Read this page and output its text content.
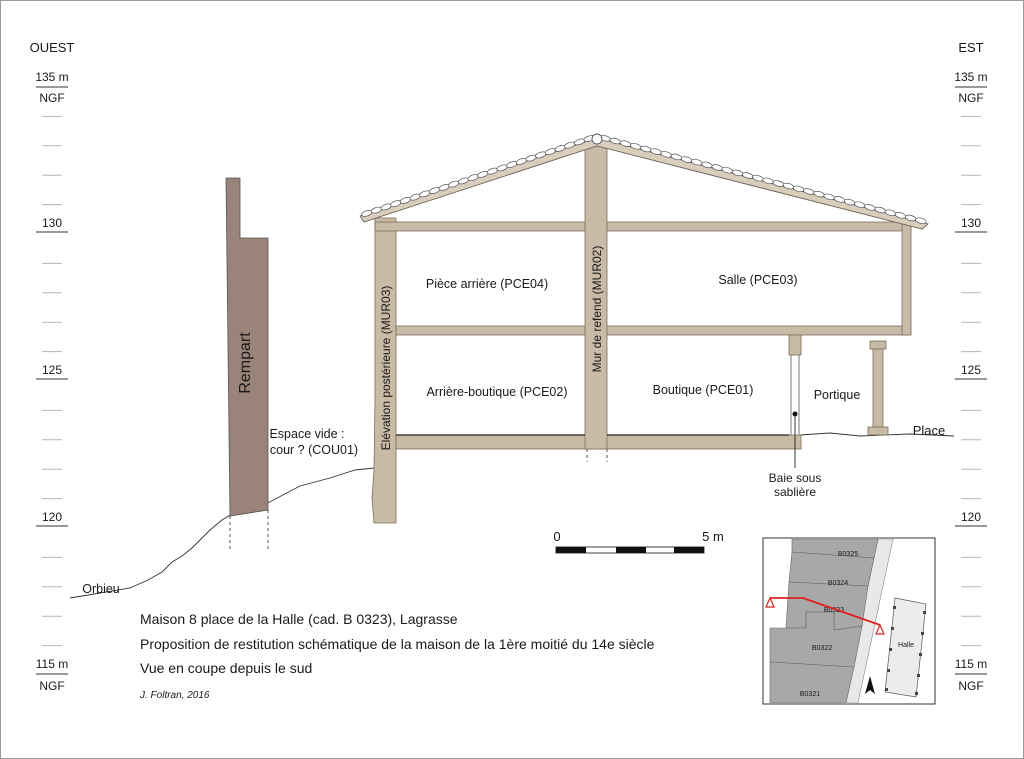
OUEST
135 m
NGF
130
125
120
115 m
NGF
EST
135 m
NGF
130
125
120
115 m
NGF
Rempart	Elévation postérieure (MUR03)	Mur de refend (MUR02)
Pièce arrière (PCE04)	Salle (PCE03)
Arrière-boutique (PCE02)	Boutique (PCE01)	Portique
Place
Espace vide :
cour ? (COU01)
Orbieu
Baie sous
sablière
0	5 m
Maison 8 place de la Halle (cad. B 0323), Lagrasse
Proposition de restitution schématique de la maison de la 1ère moitié du 14e siècle
Vue en coupe depuis le sud
J. Foltran, 2016
B0325
B0324
B0323
B0322
B0321
Halle
